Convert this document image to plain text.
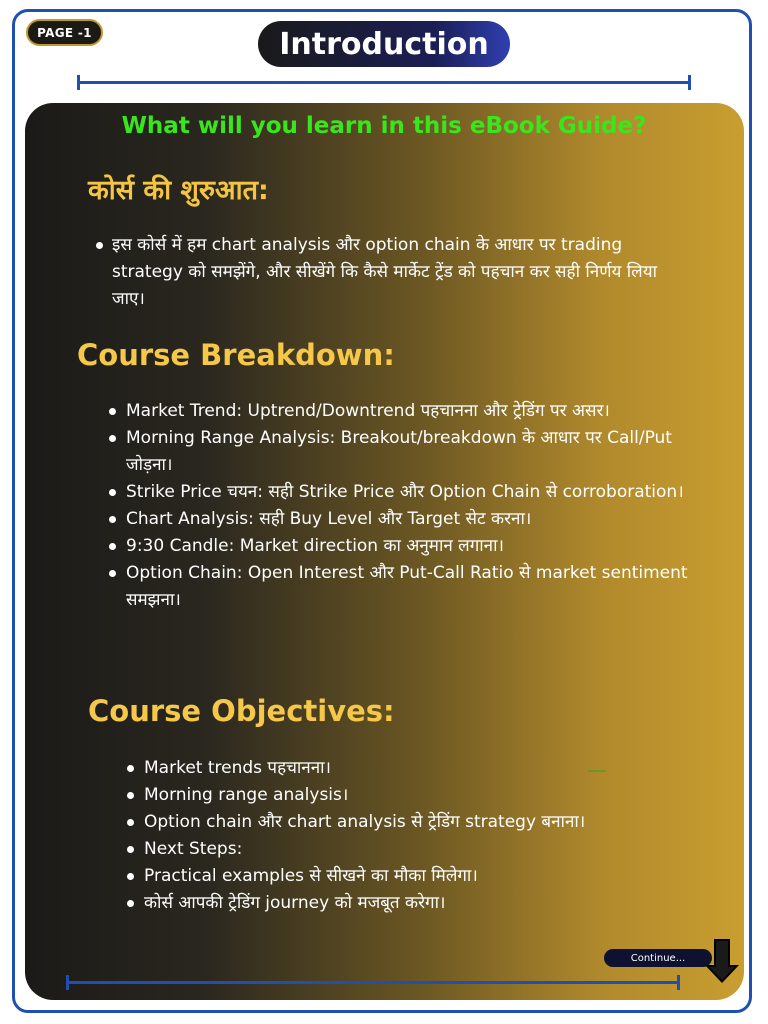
PAGE -1	Introduction
What will you learn in this eBook Guide?
कोर्स की शुरुआत:
इस कोर्स में हम chart analysis और option chain के आधार पर trading strategy को समझेंगे, और सीखेंगे कि कैसे मार्केट ट्रेंड को पहचान कर सही निर्णय लिया जाए।
Course Breakdown:
Market Trend: Uptrend/Downtrend पहचानना और ट्रेडिंग पर असर।
Morning Range Analysis: Breakout/breakdown के आधार पर Call/Put जोड़ना।
Strike Price चयन: सही Strike Price और Option Chain से corroboration।
Chart Analysis: सही Buy Level और Target सेट करना।
9:30 Candle: Market direction का अनुमान लगाना।
Option Chain: Open Interest और Put-Call Ratio से market sentiment समझना।
Course Objectives:
Market trends पहचानना।
Morning range analysis।
Option chain और chart analysis से ट्रेडिंग strategy बनाना।
Next Steps:
Practical examples से सीखने का मौका मिलेगा।
कोर्स आपकी ट्रेडिंग journey को मजबूत करेगा।
Continue...
